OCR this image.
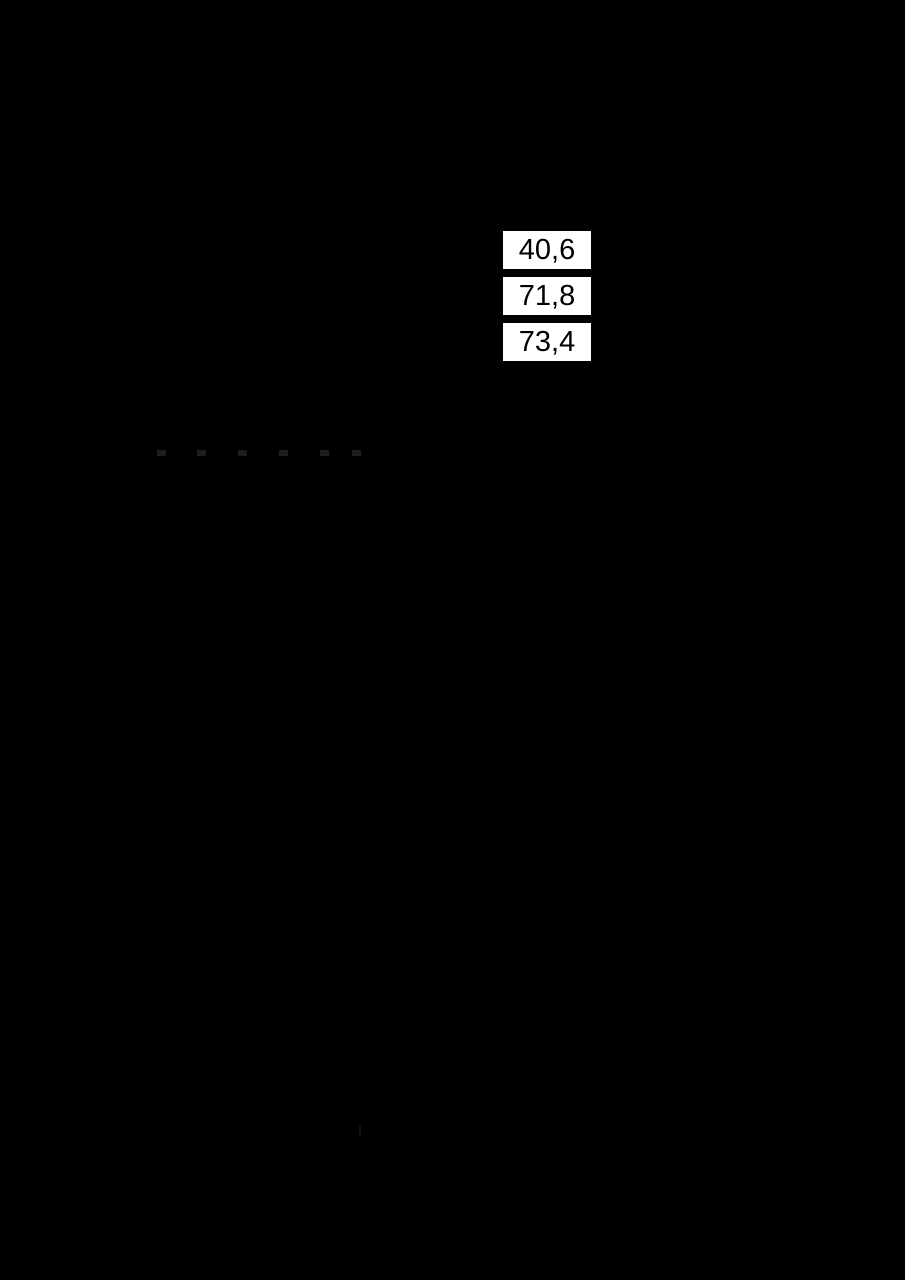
40,6
71,8
73,4
